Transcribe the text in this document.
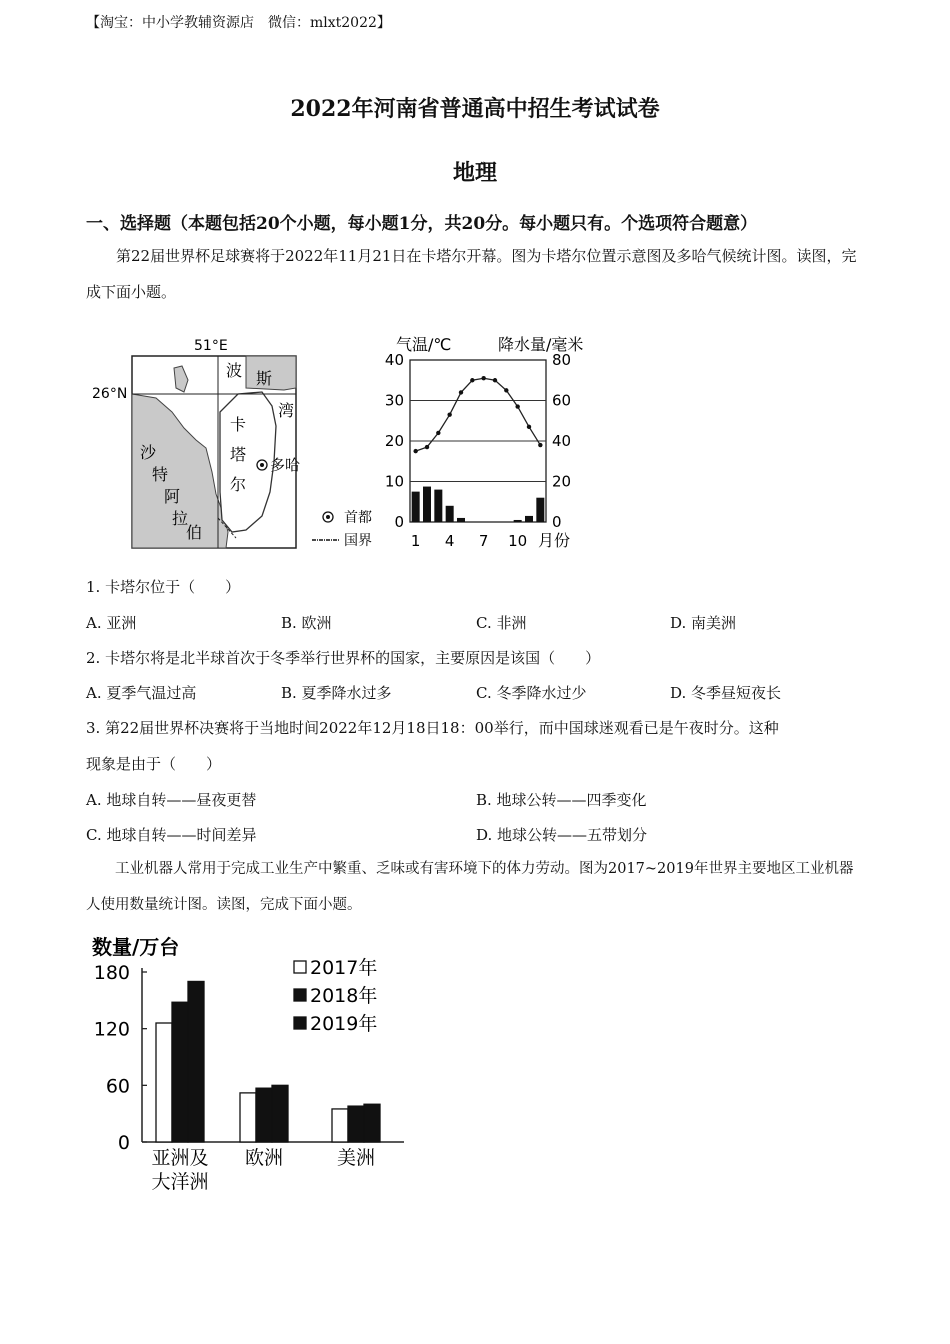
【淘宝：中小学教辅资源店　微信：mlxt2022】
2022年河南省普通高中招生考试试卷
地理
一、选择题（本题包括20个小题，每小题1分，共20分。每小题只有。个选项符合题意）
第22届世界杯足球赛将于2022年11月21日在卡塔尔开幕。图为卡塔尔位置示意图及多哈气候统计图。读图，完成下面小题。
51°E
26°N
波 斯
湾
卡
塔
尔
沙
特
阿
拉
伯
多哈
首都
国界
气温/℃	降水量/毫米
月份
40
30
20
10
0
80
60
40
20
0
1 4 7 10
1. 卡塔尔位于（　　）
A. 亚洲	B. 欧洲	C. 非洲	D. 南美洲
2. 卡塔尔将是北半球首次于冬季举行世界杯的国家，主要原因是该国（　　）
A. 夏季气温过高	B. 夏季降水过多	C. 冬季降水过少	D. 冬季昼短夜长
3. 第22届世界杯决赛将于当地时间2022年12月18日18：00举行，而中国球迷观看已是午夜时分。这种
现象是由于（　　）
A. 地球自转——昼夜更替	B. 地球公转——四季变化
C. 地球自转——时间差异	D. 地球公转——五带划分
工业机器人常用于完成工业生产中繁重、乏味或有害环境下的体力劳动。图为2017~2019年世界主要地区工业机器人使用数量统计图。读图，完成下面小题。
数量/万台
180
120
60
0
亚洲及
大洋洲
欧洲	美洲
2017年
2018年
2019年
